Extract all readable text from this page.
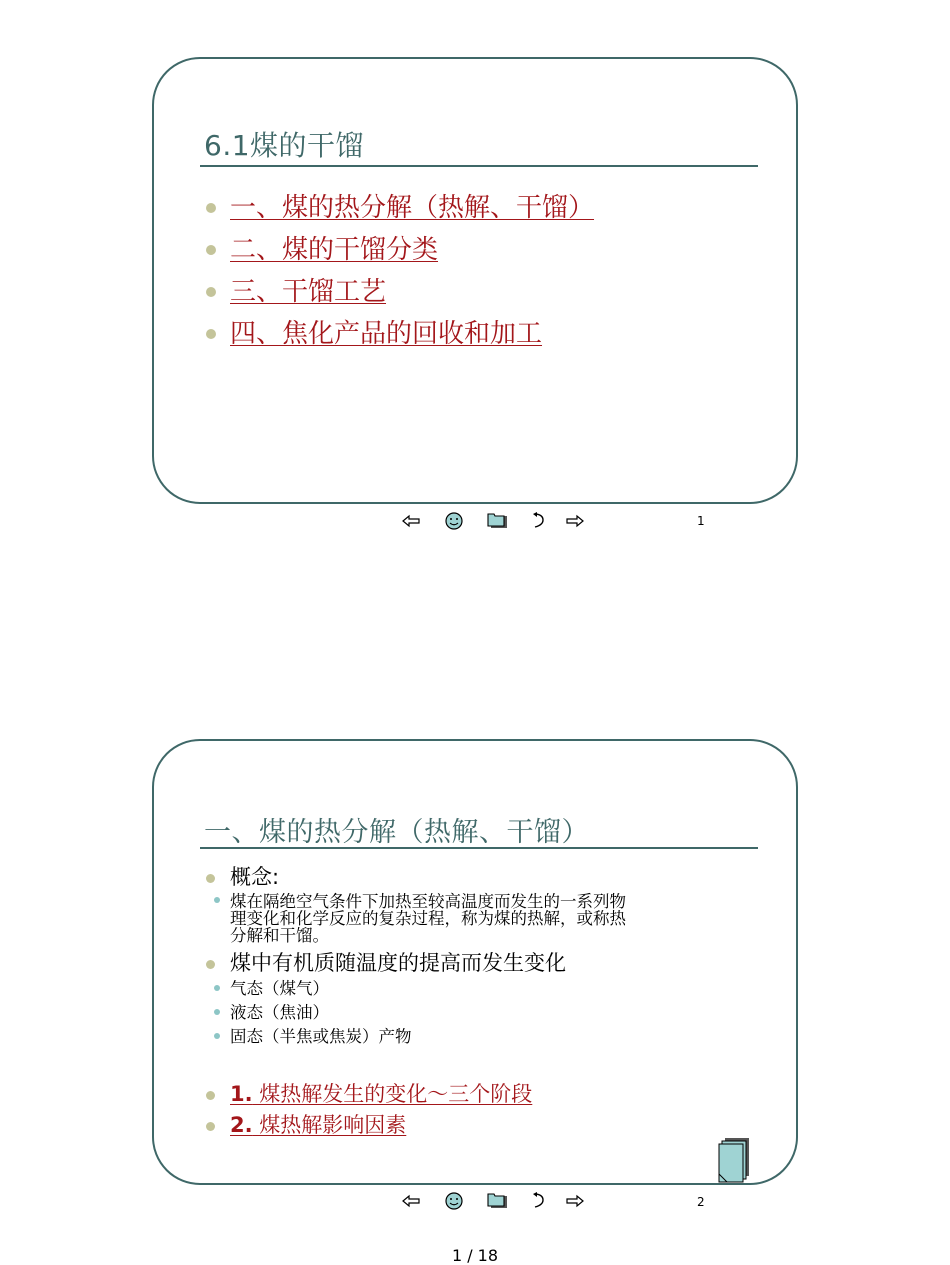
6.1煤的干馏
一、煤的热分解（热解、干馏）
二、煤的干馏分类
三、干馏工艺
四、焦化产品的回收和加工
1
一、煤的热分解（热解、干馏）
概念:
煤在隔绝空气条件下加热至较高温度而发生的一系列物
理变化和化学反应的复杂过程，称为煤的热解，或称热
分解和干馏。
煤中有机质随温度的提高而发生变化
气态（煤气）
液态（焦油）
固态（半焦或焦炭）产物
1. 煤热解发生的变化～三个阶段
2. 煤热解影响因素
2
1 / 18
